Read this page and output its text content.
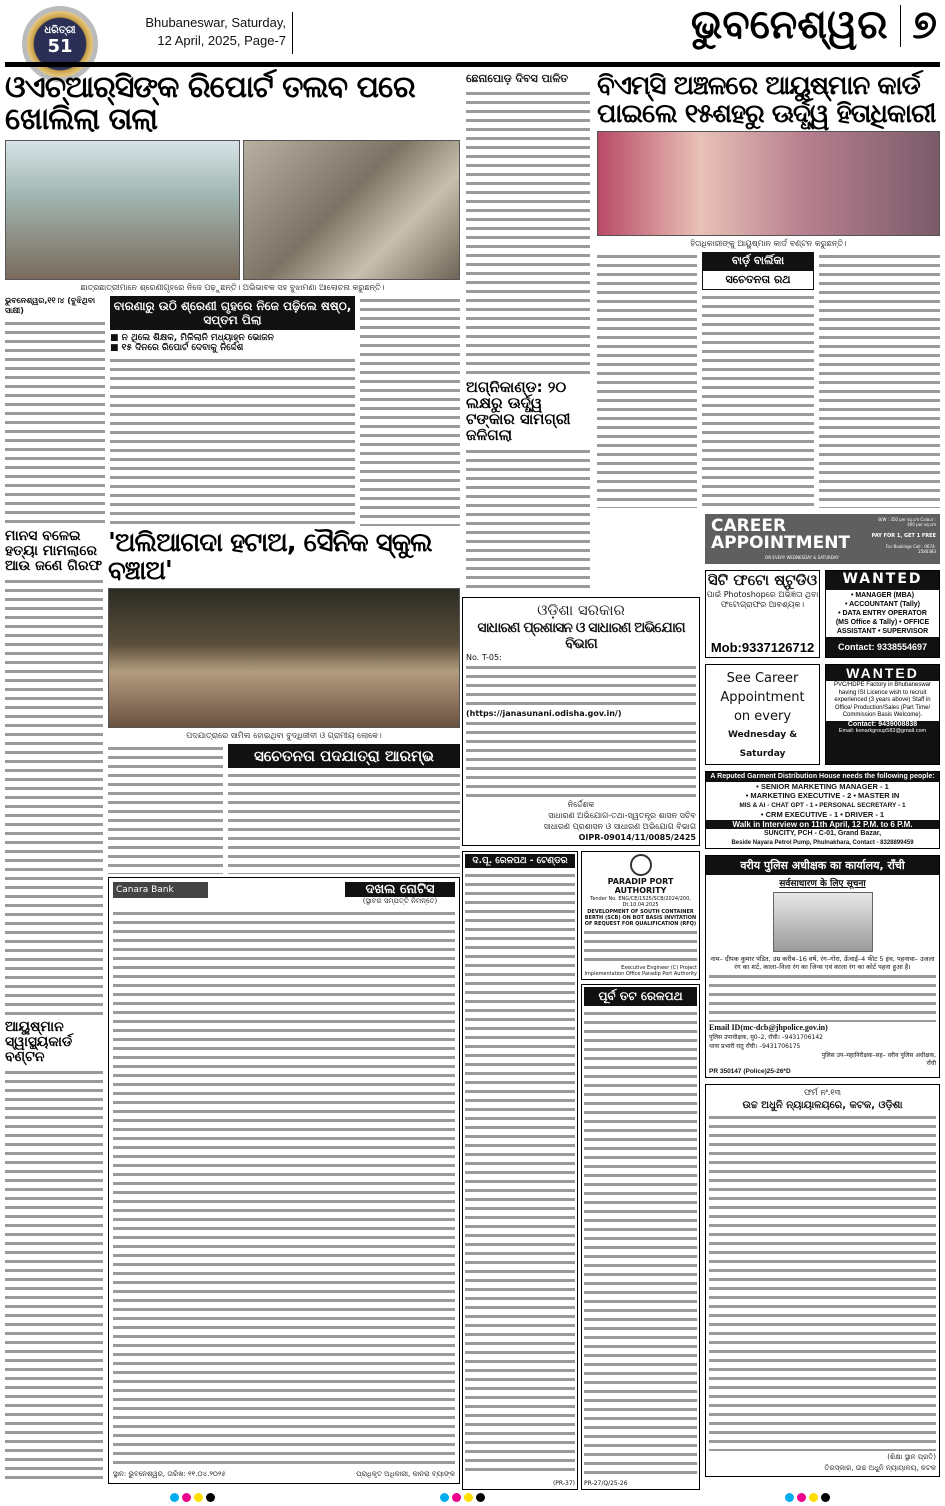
ଧରିତ୍ରୀ
51
Bhubaneswar, Saturday,
12 April, 2025, Page-7	ଭୁବନେଶ୍ୱର ୭
ଓଏଚ୍ଆର୍‌ସିଙ୍କ ରିପୋର୍ଟ ତଲବ ପରେ ଖୋଲିଲା ତାଲା
ଛାତ୍ରଛାତ୍ରୀମାନେ ଶ୍ରେଣୀଗୃହରେ ନିଜେ ପଢ଼ୁଛନ୍ତି। ଅଭିଭାବକ ସହ ବୁଝାମଣା ଆଲୋଚନା କରୁଛନ୍ତି।
ଭୁବନେଶ୍ୱର,୧୧।୪ (ବୁଝିଥିବା ସାକ୍ଷୀ)	ବାରଣାରୁ ଉଠି ଶ୍ରେଣୀ ଗୃହରେ ନିଜେ ପଢ଼ିଲେ ଷଷ୍ଠ, ସପ୍ତମ ପିଲା
■ ନ ଥିଲେ ଶିକ୍ଷକ, ମିଳିଲାନି ମଧ୍ୟାହ୍ନ ଭୋଜନ
■ ୧୫ ଦିନରେ ରିପୋର୍ଟ ଦେବାକୁ ନିର୍ଦ୍ଦେଶ
ମାନସ ବଳେଇ ହତ୍ୟା ମାମଲାରେ ଆଉ ଜଣେ ଗିରଫ
ଆୟୁଷ୍ମାନ ସ୍ୱାସ୍ଥ୍ୟକାର୍ଡ ବଣ୍ଟନ
'ଅଲିଆଗଦା ହଟାଅ, ସୈନିକ ସ୍କୁଲ ବଞ୍ଚାଅ'
ପଦଯାତ୍ରାରେ ସାମିଲ ହୋଇଥିବା ବୁଦ୍ଧିଜୀବୀ ଓ ଗ୍ରାମୀୟ ଲୋକେ।
ସଚେତନତା ପଦଯାତ୍ରା ଆରମ୍ଭ
Canara Bank	ଦଖଲ ନୋଟିସ
(ସ୍ଥାବର ସମ୍ପତ୍ତି ନିମନ୍ତେ)
ସ୍ଥାନ: ଭୁବନେଶ୍ୱର, ତାରିଖ: ୧୧.୦୪.୨୦୨୫	ପ୍ରାଧିକୃତ ଅଧିକାରୀ, କାନରା ବ୍ୟାଙ୍କ
ଛେନାପୋଡ଼ ଦିବସ ପାଳିତ
ଅଗ୍ନିକାଣ୍ଡ: ୨୦ ଲକ୍ଷରୁ ଊର୍ଦ୍ଧ୍ୱ ଟଙ୍କାର ସାମଗ୍ରୀ ଜଳିଗଲା
ବିଏମ୍‌ସି ଅଞ୍ଚଳରେ ଆୟୁଷ୍ମାନ କାର୍ଡ ପାଇଲେ ୧୫ଶହରୁ ଊର୍ଦ୍ଧ୍ୱ ହିତାଧିକାରୀ
ହିତାଧିକାରୀଙ୍କୁ ଆୟୁଷ୍ମାନ କାର୍ଡ ବଣ୍ଟନ କରୁଛନ୍ତି।
ବାର୍ଡ଼ ବାର୍ଲିକା
ସଚେତନତା ରଥ
ଓଡ଼ିଶା ସରକାର
ସାଧାରଣ ପ୍ରଶାସନ ଓ ସାଧାରଣ ଅଭିଯୋଗ ବିଭାଗ
No. T-05:
(https://janasunani.odisha.gov.in/)
ନିର୍ଦ୍ଦେଶକ
ସାଧାରଣ ଅଭିଯୋଗ-ତଥା-ସ୍ୱତନ୍ତ୍ର ଶାସନ ସଚିବ
ସାଧାରଣ ପ୍ରଶାସନ ଓ ସାଧାରଣ ଅଭିଯୋଗ ବିଭାଗ
OIPR-09014/11/0085/2425
ଦ.ପୂ. ରେଳପଥ - ଟେଣ୍ଡର
(PR-37)
PARADIP PORT AUTHORITY
Tender No. ENG/CE/1525/SCB/2024/200, Dt.10.04.2025
DEVELOPMENT OF SOUTH CONTAINER BERTH (SCB) ON BOT BASIS INVITATION OF REQUEST FOR QUALIFICATION (RFQ)
Executive Engineer (C) Project Implementation Office Paradip Port Authority
ପୂର୍ବ ତଟ ରେଳପଥ
PR-27/Q/25-26
CAREER
APPOINTMENT
ON EVERY WEDNESDAY & SATURDAY
B/W : 350 per sq.cm Colour : 400 per sq.cm
PAY FOR 1, GET 1 FREE
For Bookings Call : 0674-2580383
ସିଟି ଫଟୋ ଷ୍ଟୁଡିଓ
ପାଇଁ Photoshopରେ ଅଭିଜ୍ଞତା ଥିବା ଫଟୋଗ୍ରାଫର ଆବଶ୍ୟକ।
Mob:9337126712
WANTED
• MANAGER (MBA)
• ACCOUNTANT (Tally)
• DATA ENTRY OPERATOR
(MS Office & Tally) • OFFICE
ASSISTANT • SUPERVISOR
Contact: 9338554697
See Career
Appointment
on every
Wednesday & Saturday
WANTED
PVC/HDPE Factory in Bhubaneswar having ISI Licence wish to recruit experienced (3 years above) Staff in Office/ Production/Sales (Part Time/ Commission Basis Welcome).
Contact: 9439008838
Email: konarkgroup583@gmail.com
A Reputed Garment Distribution House needs the following people:
• SENIOR MARKETING MANAGER - 1
• MARKETING EXECUTIVE - 2 • MASTER IN
MIS & AI - CHAT GPT - 1 • PERSONAL SECRETARY - 1
• CRM EXECUTIVE - 1 • DRIVER - 1
Walk in Interview on 11th April, 12 P.M. to 6 P.M.
SUNCITY, PCH - C-01, Grand Bazar,
Beside Nayara Petrol Pump, Phulnakhara, Contact - 8328899459
वरीय पुलिस अधीक्षक का कार्यालय, राँची
सर्वसाधारण के लिए सूचना
नाम– दीपक कुमार पंडित, उम्र करीब–16 वर्ष, रंग–गोरा, ऊँचाई–4 फीट 5 इंच, पहनावा– उजला रंग का शर्ट, काला–निला रंग का जिन्स एवं काला रंग का कोर्ट पहना हुआ है।
Email ID(mc-dcb@jhpolice.gov.in)
पुलिस उपाधीक्षक, मु0–2, राँची। –9431706142
थाना प्रभारी रातु राँची। –9431706175
पुलिस उप–महानिरीक्षक–सह– वरीय पुलिस अधीक्षक, राँची
PR 350147 (Police)25-26*D
ଫର୍ମ ନଂ.୧୩
ଉଚ୍ଚ ଅଧୁନି ନ୍ୟାୟାଳୟରେ, କଟକ, ଓଡ଼ିଶା
(ଶିକ୍ଷା ସ୍ଥାନ ପ୍ରତି)
ତିରସ୍କାର, ଉଚ୍ଚ ଅଧୁନି ନ୍ୟାୟାଳୟ, କଟକ
